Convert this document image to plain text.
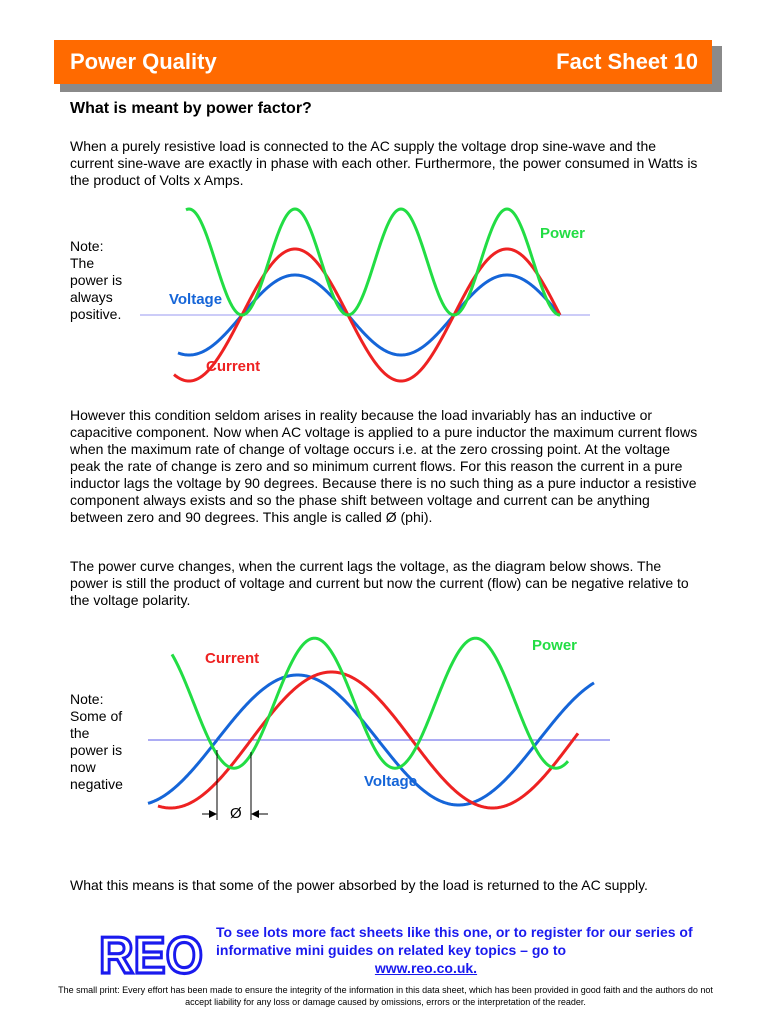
Power Quality	Fact Sheet 10
What is meant by power factor?
When a purely resistive load is connected to the AC supply the voltage drop sine-wave and the current sine-wave are exactly in phase with each other. Furthermore, the power consumed in Watts is the product of Volts x Amps.
Note:
The
power is
always
positive.
Power
Voltage
Current
However this condition seldom arises in reality because the load invariably has an inductive or capacitive component. Now when AC voltage is applied to a pure inductor the maximum current flows when the maximum rate of change of voltage occurs i.e. at the zero crossing point. At the voltage peak the rate of change is zero and so minimum current flows. For this reason the current in a pure inductor lags the voltage by 90 degrees. Because there is no such thing as a pure inductor a resistive component always exists and so the phase shift between voltage and current can be anything between zero and 90 degrees. This angle is called Ø (phi).
The power curve changes, when the current lags the voltage, as the diagram below shows. The power is still the product of voltage and current but now the current (flow) can be negative relative to the voltage polarity.
Note:
Some of
the
power is
now
negative
Power
Current
Voltage
Ø
What this means is that some of the power absorbed by the load is returned to the AC supply.
REO To see lots more fact sheets like this one, or to register for our series of informative mini guides on related key topics – go to
www.reo.co.uk.
The small print: Every effort has been made to ensure the integrity of the information in this data sheet, which has been provided in good faith and the authors do not accept liability for any loss or damage caused by omissions, errors or the interpretation of the reader.
